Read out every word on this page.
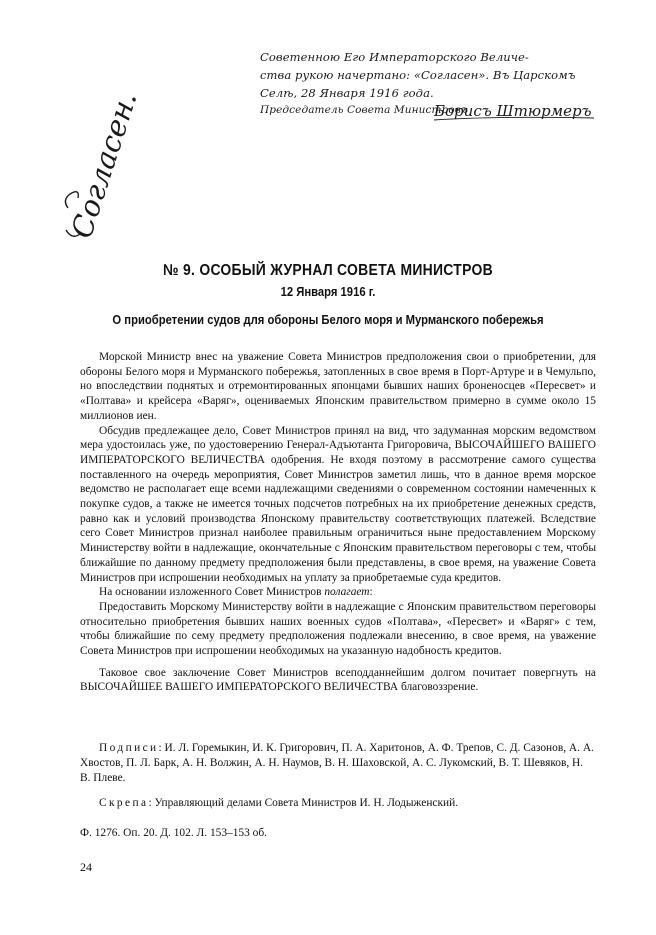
Согласен.
Советенною Его Императорского Величе-
ства рукою начертано: «Согласен». Въ Царскомъ
Селѣ, 28 Января 1916 года.
Председатель Совета Министровъ
Борисъ Штюрмеръ
№ 9. ОСОБЫЙ ЖУРНАЛ СОВЕТА МИНИСТРОВ
12 Января 1916 г.
О приобретении судов для обороны Белого моря и Мурманского побережья

Морской Министр внес на уважение Совета Министров предположения свои о приобретении, для обороны Белого моря и Мурманского побережья, затопленных в свое время в Порт-Артуре и в Чемульпо, но впоследствии поднятых и отремонтированных японцами бывших наших броненосцев «Пересвет» и «Полтава» и крейсера «Варяг», оцениваемых Японским правительством примерно в сумме около 15 миллионов иен.

Обсудив предлежащее дело, Совет Министров принял на вид, что задуманная морским ведомством мера удостоилась уже, по удостоверению Генерал-Адъютанта Григоровича, ВЫСОЧАЙШЕГО ВАШЕГО ИМПЕРАТОРСКОГО ВЕЛИЧЕСТВА одобрения. Не входя поэтому в рассмотрение самого существа поставленного на очередь мероприятия, Совет Министров заметил лишь, что в данное время морское ведомство не располагает еще всеми надлежащими сведениями о современном состоянии намеченных к покупке судов, а также не имеется точных подсчетов потребных на их приобретение денежных средств, равно как и условий производства Японскому правительству соответствующих платежей. Вследствие сего Совет Министров признал наиболее правильным ограничиться ныне предоставлением Морскому Министерству войти в надлежащие, окончательные с Японским правительством переговоры с тем, чтобы ближайшие по данному предмету предположения были представлены, в свое время, на уважение Совета Министров при испрошении необходимых на уплату за приобретаемые суда кредитов.

На основании изложенного Совет Министров полагает:

Предоставить Морскому Министерству войти в надлежащие с Японским правительством переговоры относительно приобретения бывших наших военных судов «Полтава», «Пересвет» и «Варяг» с тем, чтобы ближайшие по сему предмету предположения подлежали внесению, в свое время, на уважение Совета Министров при испрошении необходимых на указанную надобность кредитов.

Таковое свое заключение Совет Министров всеподданнейшим долгом почитает повергнуть на ВЫСОЧАЙШЕЕ ВАШЕГО ИМПЕРАТОРСКОГО ВЕЛИЧЕСТВА благовоззрение.

Подписи: И. Л. Горемыкин, И. К. Григорович, П. А. Харитонов, А. Ф. Трепов, С. Д. Сазонов, А. А. Хвостов, П. Л. Барк, А. Н. Волжин, А. Н. Наумов, В. Н. Шаховской, А. С. Лукомский, В. Т. Шевяков, Н. В. Плеве.
Скрепа: Управляющий делами Совета Министров И. Н. Лодыженский.
Ф. 1276. Оп. 20. Д. 102. Л. 153–153 об.
24
